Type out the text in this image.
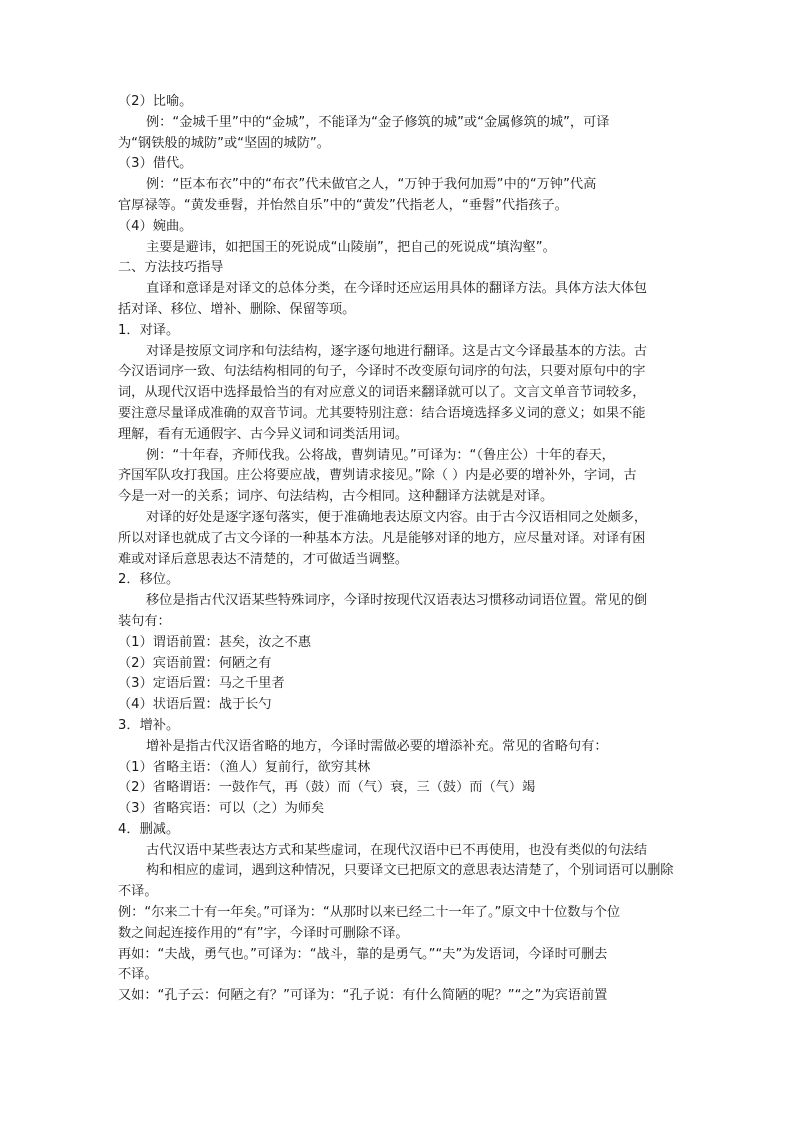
（2）比喻。
例：“金城千里”中的“金城”，不能译为“金子修筑的城”或“金属修筑的城”，可译
为“钢铁般的城防”或“坚固的城防”。
（3）借代。
例：“臣本布衣”中的“布衣”代未做官之人，“万钟于我何加焉”中的“万钟”代高
官厚禄等。“黄发垂髫，并怡然自乐”中的“黄发”代指老人，“垂髫”代指孩子。
（4）婉曲。
主要是避讳，如把国王的死说成“山陵崩”，把自己的死说成“填沟壑”。
二、方法技巧指导
直译和意译是对译文的总体分类，在今译时还应运用具体的翻译方法。具体方法大体包
括对译、移位、增补、删除、保留等项。
1．对译。
对译是按原文词序和句法结构，逐字逐句地进行翻译。这是古文今译最基本的方法。古
今汉语词序一致、句法结构相同的句子，今译时不改变原句词序的句法，只要对原句中的字
词，从现代汉语中选择最恰当的有对应意义的词语来翻译就可以了。文言文单音节词较多，
要注意尽量译成准确的双音节词。尤其要特别注意：结合语境选择多义词的意义；如果不能
理解，看有无通假字、古今异义词和词类活用词。
例：“十年春，齐师伐我。公将战，曹刿请见。”可译为：“（鲁庄公）十年的春天，
齐国军队攻打我国。庄公将要应战，曹刿请求接见。”除（ ）内是必要的增补外，字词，古
今是一对一的关系；词序、句法结构，古今相同。这种翻译方法就是对译。
对译的好处是逐字逐句落实，便于准确地表达原文内容。由于古今汉语相同之处颇多，
所以对译也就成了古文今译的一种基本方法。凡是能够对译的地方，应尽量对译。对译有困
难或对译后意思表达不清楚的，才可做适当调整。
2．移位。
移位是指古代汉语某些特殊词序，今译时按现代汉语表达习惯移动词语位置。常见的倒
装句有：
（1）谓语前置：甚矣，汝之不惠
（2）宾语前置：何陋之有
（3）定语后置：马之千里者
（4）状语后置：战于长勺
3．增补。
增补是指古代汉语省略的地方，今译时需做必要的增添补充。常见的省略句有：
（1）省略主语：（渔人）复前行，欲穷其林
（2）省略谓语：一鼓作气，再（鼓）而（气）衰，三（鼓）而（气）竭
（3）省略宾语：可以（之）为师矣
4．删减。
古代汉语中某些表达方式和某些虚词，在现代汉语中已不再使用，也没有类似的句法结
构和相应的虚词，遇到这种情况，只要译文已把原文的意思表达清楚了，个别词语可以删除
不译。
例：“尔来二十有一年矣。”可译为：“从那时以来已经二十一年了。”原文中十位数与个位
数之间起连接作用的“有”字，今译时可删除不译。
再如：“夫战，勇气也。”可译为：“战斗，靠的是勇气。”“夫”为发语词，今译时可删去
不译。
又如：“孔子云：何陋之有？”可译为：“孔子说：有什么简陋的呢？”“之”为宾语前置
